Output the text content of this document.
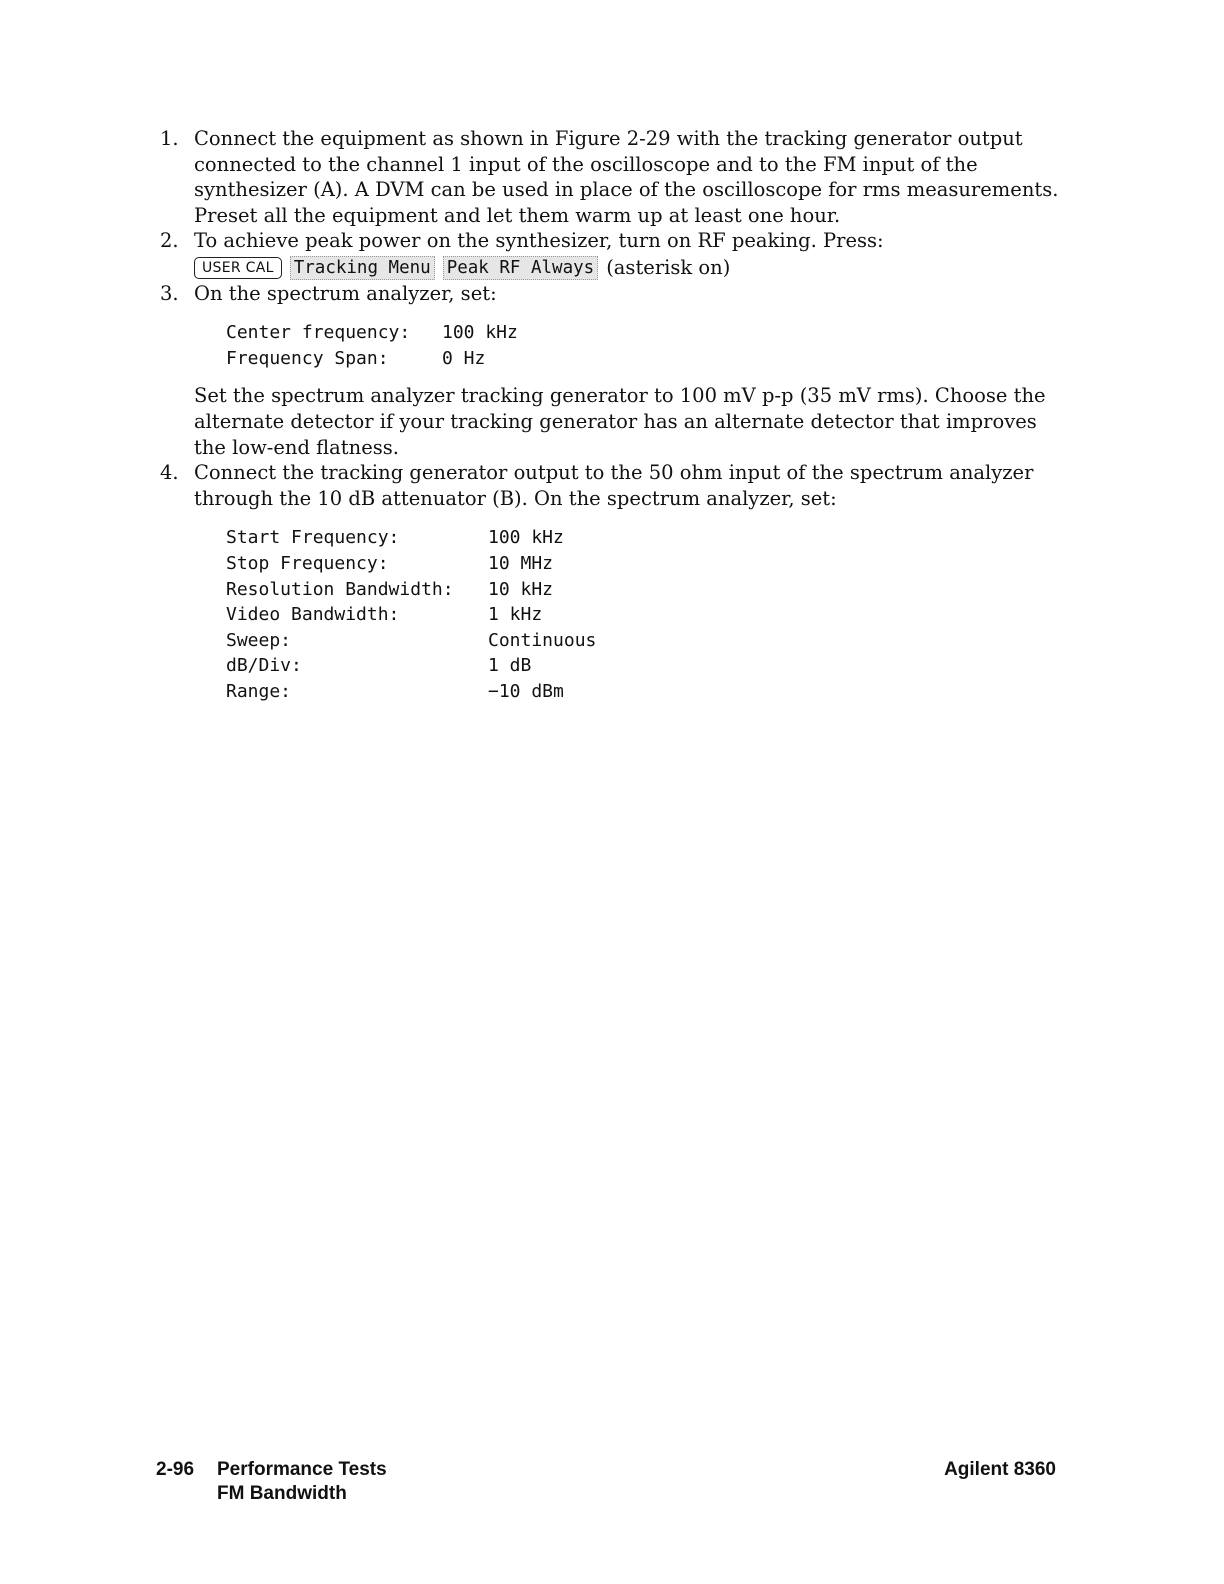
1. Connect the equipment as shown in Figure 2-29 with the tracking generator output connected to the channel 1 input of the oscilloscope and to the FM input of the synthesizer (A). A DVM can be used in place of the oscilloscope for rms measurements. Preset all the equipment and let them warm up at least one hour.

2. To achieve peak power on the synthesizer, turn on RF peaking. Press:

USER CAL	Tracking Menu Peak RF Always (asterisk on)
3. On the spectrum analyzer, set:

Center frequency:	100 kHz
Frequency Span:	0 Hz

Set the spectrum analyzer tracking generator to 100 mV p-p (35 mV rms). Choose the alternate detector if your tracking generator has an alternate detector that improves the low-end flatness.

4. Connect the tracking generator output to the 50 ohm input of the spectrum analyzer through the 10 dB attenuator (B). On the spectrum analyzer, set:

Start Frequency:	100 kHz
Stop Frequency:	10 MHz
Resolution Bandwidth:	10 kHz
Video Bandwidth:	1 kHz
Sweep:	Continuous
dB/Div:	1 dB
Range:	−10 dBm
2-96	Performance Tests
FM Bandwidth
Agilent 8360
